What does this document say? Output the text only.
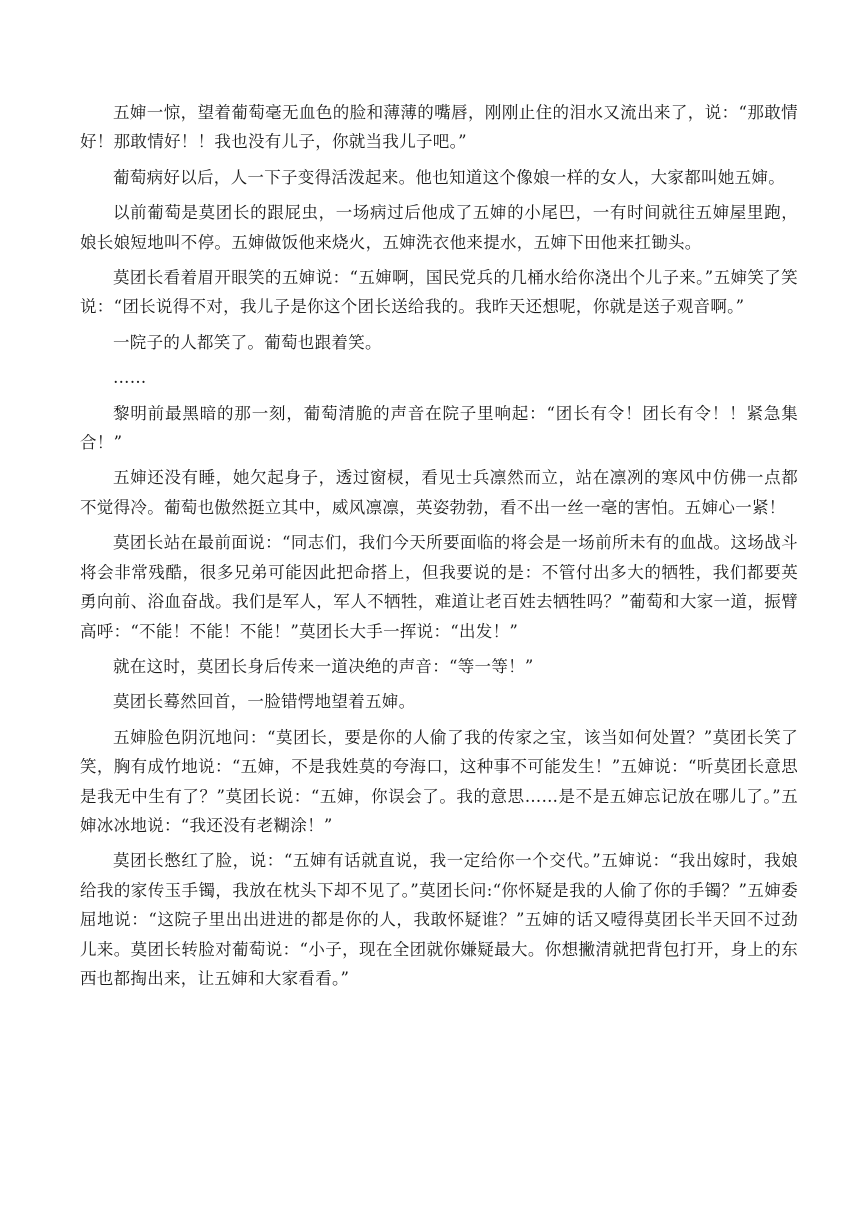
五婶一惊，望着葡萄毫无血色的脸和薄薄的嘴唇，刚刚止住的泪水又流出来了，说：“那敢情好！那敢情好！！我也没有儿子，你就当我儿子吧。”

葡萄病好以后，人一下子变得活泼起来。他也知道这个像娘一样的女人，大家都叫她五婶。

以前葡萄是莫团长的跟屁虫，一场病过后他成了五婶的小尾巴，一有时间就往五婶屋里跑，娘长娘短地叫不停。五婶做饭他来烧火，五婶洗衣他来提水，五婶下田他来扛锄头。

莫团长看着眉开眼笑的五婶说：“五婶啊，国民党兵的几桶水给你浇出个儿子来。”五婶笑了笑说：“团长说得不对，我儿子是你这个团长送给我的。我昨天还想呢，你就是送子观音啊。”

一院子的人都笑了。葡萄也跟着笑。

……

黎明前最黑暗的那一刻，葡萄清脆的声音在院子里响起：“团长有令！团长有令！！紧急集合！”

五婶还没有睡，她欠起身子，透过窗棂，看见士兵凛然而立，站在凛冽的寒风中仿佛一点都不觉得冷。葡萄也傲然挺立其中，威风凛凛，英姿勃勃，看不出一丝一毫的害怕。五婶心一紧！

莫团长站在最前面说：“同志们，我们今天所要面临的将会是一场前所未有的血战。这场战斗将会非常残酷，很多兄弟可能因此把命搭上，但我要说的是：不管付出多大的牺牲，我们都要英勇向前、浴血奋战。我们是军人，军人不牺牲，难道让老百姓去牺牲吗？”葡萄和大家一道，振臂高呼：“不能！不能！不能！”莫团长大手一挥说：“出发！”

就在这时，莫团长身后传来一道决绝的声音：“等一等！”

莫团长蓦然回首，一脸错愕地望着五婶。

五婶脸色阴沉地问：“莫团长，要是你的人偷了我的传家之宝，该当如何处置？”莫团长笑了笑，胸有成竹地说：“五婶，不是我姓莫的夸海口，这种事不可能发生！”五婶说：“听莫团长意思是我无中生有了？”莫团长说：“五婶，你误会了。我的意思……是不是五婶忘记放在哪儿了。”五婶冰冰地说：“我还没有老糊涂！”

莫团长憋红了脸，说：“五婶有话就直说，我一定给你一个交代。”五婶说：“我出嫁时，我娘给我的家传玉手镯，我放在枕头下却不见了。”莫团长问:“你怀疑是我的人偷了你的手镯？”五婶委屈地说：“这院子里出出进进的都是你的人，我敢怀疑谁？”五婶的话又噎得莫团长半天回不过劲儿来。莫团长转脸对葡萄说：“小子，现在全团就你嫌疑最大。你想撇清就把背包打开，身上的东西也都掏出来，让五婶和大家看看。”
